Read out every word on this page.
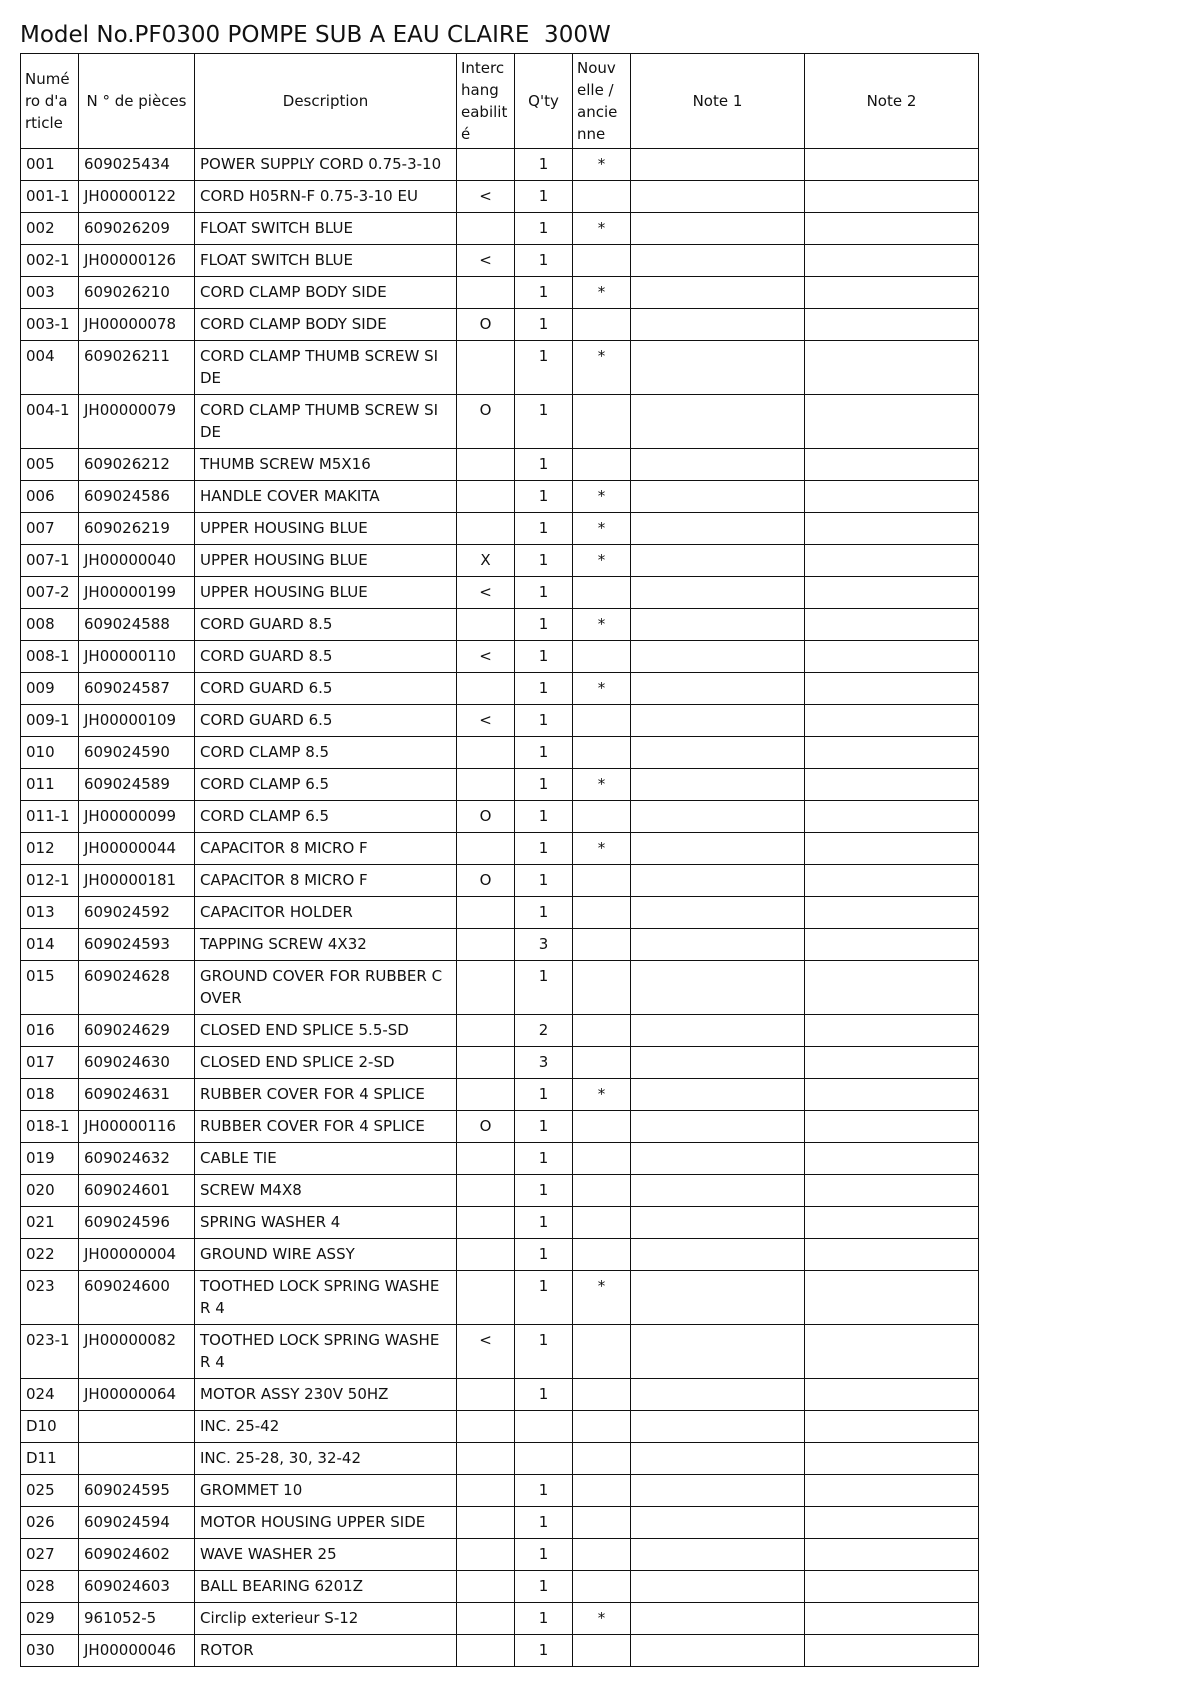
Model No.PF0300 POMPE SUB A EAU CLAIRE  300W
Numé ro d'a rticle	N ° de pièces	Description	Interc hang eabilit é	Q'ty	Nouv elle / ancie nne	Note 1	Note 2
001	609025434	POWER SUPPLY CORD 0.75-3-10		1	*		
001-1	JH00000122	CORD H05RN-F 0.75-3-10 EU	<	1			
002	609026209	FLOAT SWITCH BLUE		1	*		
002-1	JH00000126	FLOAT SWITCH BLUE	<	1			
003	609026210	CORD CLAMP BODY SIDE		1	*		
003-1	JH00000078	CORD CLAMP BODY SIDE	O	1			
004	609026211	CORD CLAMP THUMB SCREW SI DE		1	*		
004-1	JH00000079	CORD CLAMP THUMB SCREW SI DE	O	1			
005	609026212	THUMB SCREW M5X16		1			
006	609024586	HANDLE COVER MAKITA		1	*		
007	609026219	UPPER HOUSING BLUE		1	*		
007-1	JH00000040	UPPER HOUSING BLUE	X	1	*		
007-2	JH00000199	UPPER HOUSING BLUE	<	1			
008	609024588	CORD GUARD 8.5		1	*		
008-1	JH00000110	CORD GUARD 8.5	<	1			
009	609024587	CORD GUARD 6.5		1	*		
009-1	JH00000109	CORD GUARD 6.5	<	1			
010	609024590	CORD CLAMP 8.5		1			
011	609024589	CORD CLAMP 6.5		1	*		
011-1	JH00000099	CORD CLAMP 6.5	O	1			
012	JH00000044	CAPACITOR 8 MICRO F		1	*		
012-1	JH00000181	CAPACITOR 8 MICRO F	O	1			
013	609024592	CAPACITOR HOLDER		1			
014	609024593	TAPPING SCREW 4X32		3			
015	609024628	GROUND COVER FOR RUBBER C OVER		1			
016	609024629	CLOSED END SPLICE 5.5-SD		2			
017	609024630	CLOSED END SPLICE 2-SD		3			
018	609024631	RUBBER COVER FOR 4 SPLICE		1	*		
018-1	JH00000116	RUBBER COVER FOR 4 SPLICE	O	1			
019	609024632	CABLE TIE		1			
020	609024601	SCREW M4X8		1			
021	609024596	SPRING WASHER 4		1			
022	JH00000004	GROUND WIRE ASSY		1			
023	609024600	TOOTHED LOCK SPRING WASHE R 4		1	*		
023-1	JH00000082	TOOTHED LOCK SPRING WASHE R 4	<	1			
024	JH00000064	MOTOR ASSY 230V 50HZ		1			
D10		INC. 25-42					
D11		INC. 25-28, 30, 32-42					
025	609024595	GROMMET 10		1			
026	609024594	MOTOR HOUSING UPPER SIDE		1			
027	609024602	WAVE WASHER 25		1			
028	609024603	BALL BEARING 6201Z		1			
029	961052-5	Circlip exterieur S-12		1	*		
030	JH00000046	ROTOR		1			
